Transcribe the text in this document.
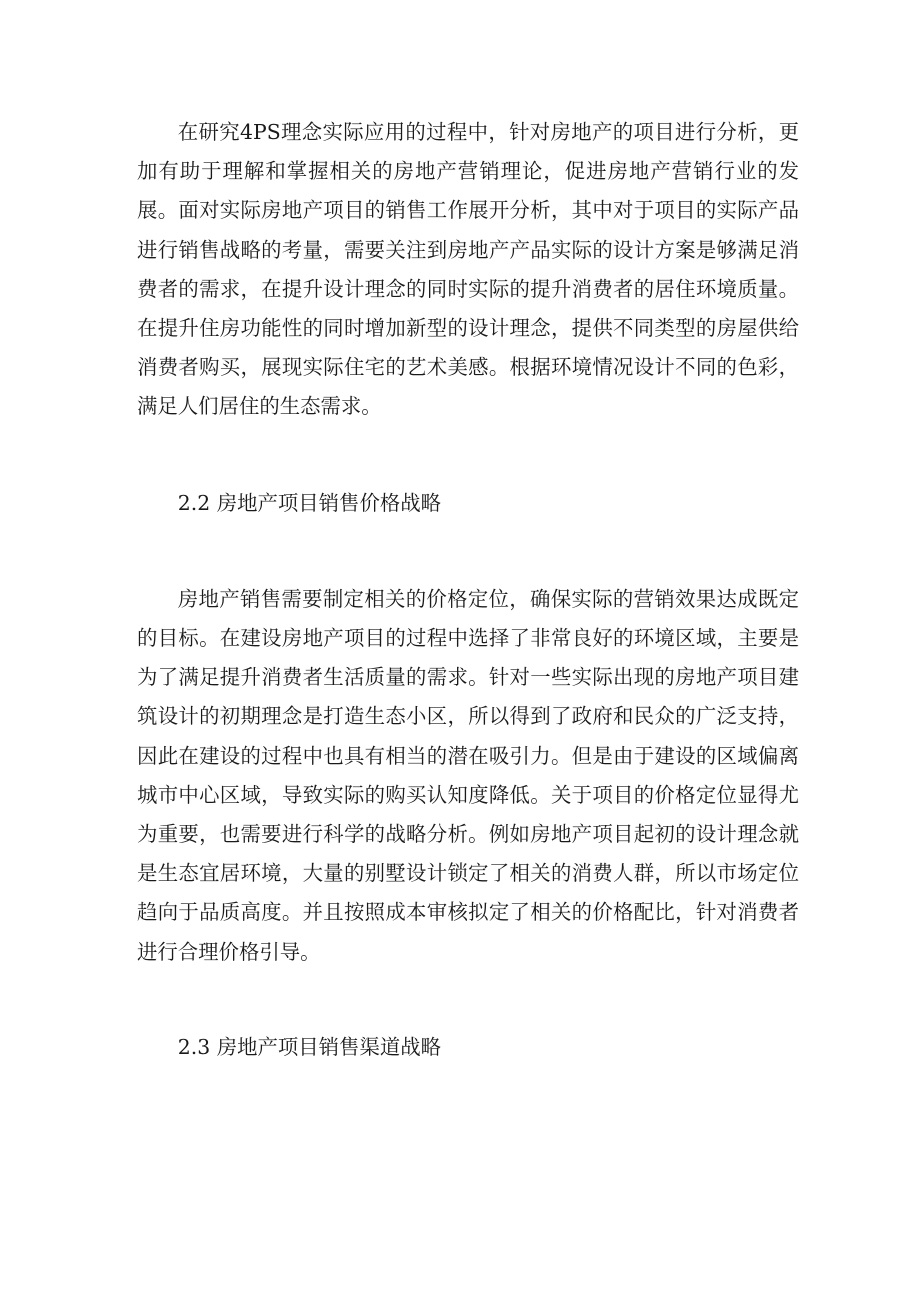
在研究4PS理念实际应用的过程中，针对房地产的项目进行分析，更加有助于理解和掌握相关的房地产营销理论，促进房地产营销行业的发展。面对实际房地产项目的销售工作展开分析，其中对于项目的实际产品进行销售战略的考量，需要关注到房地产产品实际的设计方案是够满足消费者的需求，在提升设计理念的同时实际的提升消费者的居住环境质量。在提升住房功能性的同时增加新型的设计理念，提供不同类型的房屋供给消费者购买，展现实际住宅的艺术美感。根据环境情况设计不同的色彩，满足人们居住的生态需求。

2.2 房地产项目销售价格战略

房地产销售需要制定相关的价格定位，确保实际的营销效果达成既定的目标。在建设房地产项目的过程中选择了非常良好的环境区域，主要是为了满足提升消费者生活质量的需求。针对一些实际出现的房地产项目建筑设计的初期理念是打造生态小区，所以得到了政府和民众的广泛支持，因此在建设的过程中也具有相当的潜在吸引力。但是由于建设的区域偏离城市中心区域，导致实际的购买认知度降低。关于项目的价格定位显得尤为重要，也需要进行科学的战略分析。例如房地产项目起初的设计理念就是生态宜居环境，大量的别墅设计锁定了相关的消费人群，所以市场定位趋向于品质高度。并且按照成本审核拟定了相关的价格配比，针对消费者进行合理价格引导。

2.3 房地产项目销售渠道战略
